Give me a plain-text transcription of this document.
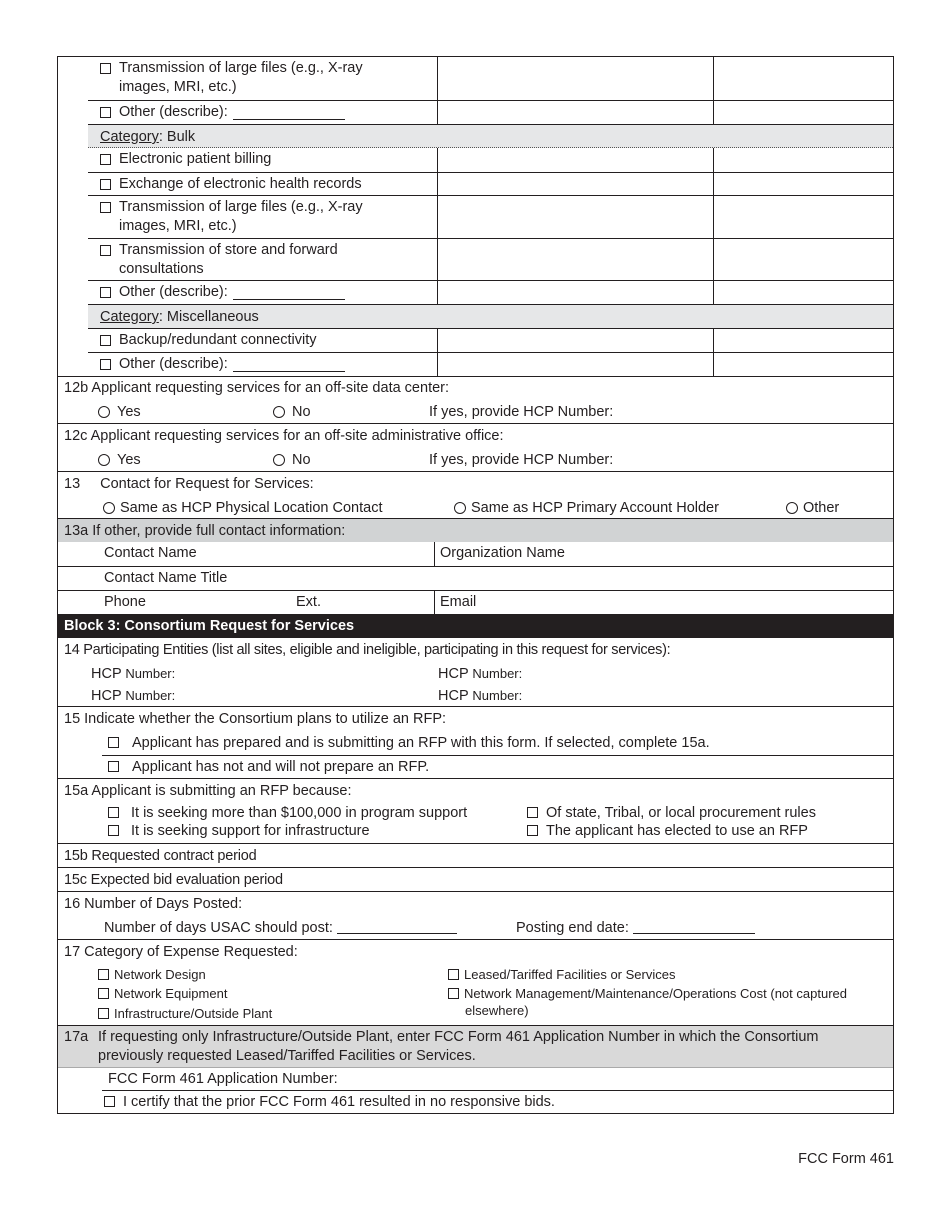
Transmission of large files (e.g., X-ray
images, MRI, etc.)
Other (describe):
Category: Bulk
Electronic patient billing
Exchange of electronic health records
Transmission of large files (e.g., X-ray
images, MRI, etc.)
Transmission of store and forward
consultations
Other (describe):
Category: Miscellaneous
Backup/redundant connectivity
Other (describe):
12b Applicant requesting services for an off-site data center:
Yes	No	If yes, provide HCP Number:
12c Applicant requesting services for an off-site administrative office:
Yes	No	If yes, provide HCP Number:
13 Contact for Request for Services:
Same as HCP Physical Location Contact	Same as HCP Primary Account Holder	Other
13a If other, provide full contact information:
Contact Name	Organization Name
Contact Name Title
Phone	Ext.	Email
Block 3: Consortium Request for Services
14 Participating Entities (list all sites, eligible and ineligible, participating in this request for services):
HCP Number:	HCP Number:
HCP Number:	HCP Number:
15 Indicate whether the Consortium plans to utilize an RFP:
Applicant has prepared and is submitting an RFP with this form. If selected, complete 15a.
Applicant has not and will not prepare an RFP.
15a Applicant is submitting an RFP because:
It is seeking more than $100,000 in program support	Of state, Tribal, or local procurement rules
It is seeking support for infrastructure	The applicant has elected to use an RFP
15b Requested contract period
15c Expected bid evaluation period
16 Number of Days Posted:
Number of days USAC should post:	Posting end date:
17 Category of Expense Requested:
Network Design
Network Equipment
Infrastructure/Outside Plant
Leased/Tariffed Facilities or Services
Network Management/Maintenance/Operations Cost (not captured
elsewhere)
17a If requesting only Infrastructure/Outside Plant, enter FCC Form 461 Application Number in which the Consortium
previously requested Leased/Tariffed Facilities or Services.
FCC Form 461 Application Number:
I certify that the prior FCC Form 461 resulted in no responsive bids.
FCC Form 461
